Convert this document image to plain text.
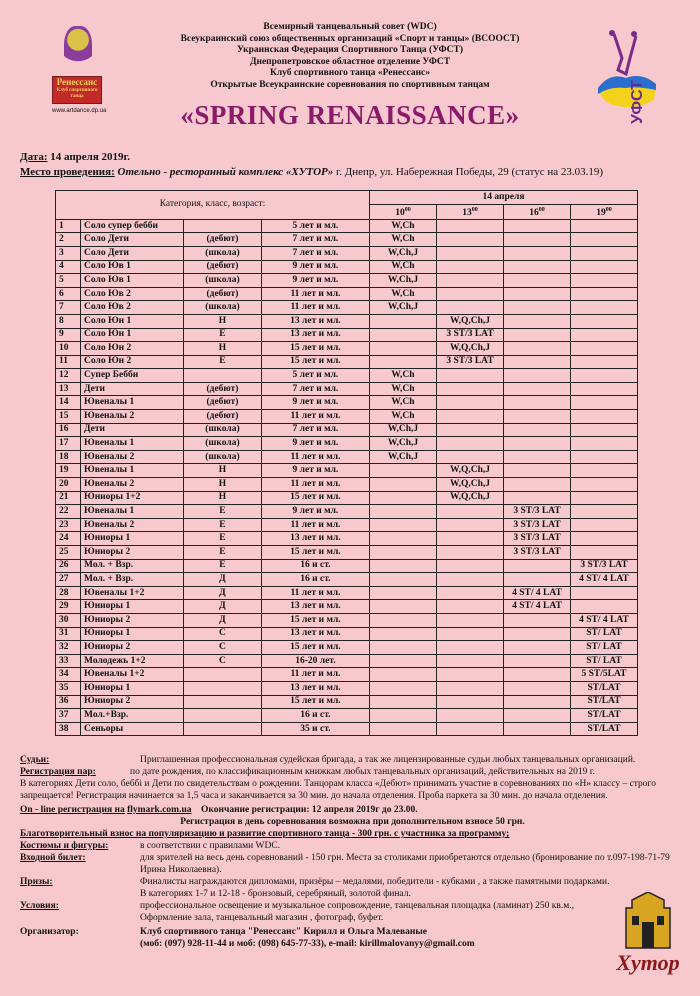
Ренессанс
Клуб спортивного танца
www.artdance.dp.ua
Всемирный танцевальный совет (WDC)
Всеукраинский союз общественных организаций «Спорт и танцы» (ВСООСТ)
Украинская Федерация Спортивного Танца (УФСТ)
Днепропетровское областное отделение УФСТ
Клуб спортивного танца «Ренессанс»
Открытые Всеукраинские соревнования по спортивным танцам
«SPRING RENAISSANCE»	УФСТ
Дата: 14 апреля 2019г.
Место проведения: Отельно - ресторанный комплекс «ХУТОР» г. Днепр, ул. Набережная Победы, 29 (статус на 23.03.19)
Категория, класс, возраст:				14 апреля			
				$10^{00}$	$13^{00}$	$16^{00}$	$19^{00}$
1	Соло супер бебби		5 лет и мл.	W,Ch			
2	Соло Дети	(дебют)	7 лет и мл.	W,Ch			
3	Соло Дети	(школа)	7 лет и мл.	W,Ch,J			
4	Соло Юв 1	(дебют)	9 лет и мл.	W,Ch			
5	Соло Юв 1	(школа)	9 лет и мл.	W,Ch,J			
6	Соло Юв 2	(дебют)	11 лет и мл.	W,Ch			
7	Соло Юв 2	(школа)	11 лет и мл.	W,Ch,J			
8	Соло Юн 1	Н	13 лет и мл.		W,Q,Ch,J		
9	Соло Юн 1	Е	13 лет и мл.		3 ST/3 LAT		
10	Соло Юн 2	Н	15 лет и мл.		W,Q,Ch,J		
11	Соло Юн 2	Е	15 лет и мл.		3 ST/3 LAT		
12	Супер Бебби		5 лет и мл.	W,Ch			
13	Дети	(дебют)	7 лет и мл.	W,Ch			
14	Ювеналы 1	(дебют)	9 лет и мл.	W,Ch			
15	Ювеналы 2	(дебют)	11 лет и мл.	W,Ch			
16	Дети	(школа)	7 лет и мл.	W,Ch,J			
17	Ювеналы 1	(школа)	9 лет и мл.	W,Ch,J			
18	Ювеналы 2	(школа)	11 лет и мл.	W,Ch,J			
19	Ювеналы 1	Н	9 лет и мл.		W,Q,Ch,J		
20	Ювеналы 2	Н	11 лет и мл.		W,Q,Ch,J		
21	Юниоры 1+2	Н	15 лет и мл.		W,Q,Ch,J		
22	Ювеналы 1	Е	9 лет и мл.			3 ST/3 LAT	
23	Ювеналы 2	Е	11 лет и мл.			3 ST/3 LAT	
24	Юниоры 1	Е	13 лет и мл.			3 ST/3 LAT	
25	Юниоры 2	Е	15 лет и мл.			3 ST/3 LAT	
26	Мол. + Взр.	Е	16 и ст.				3 ST/3 LAT
27	Мол. + Взр.	Д	16 и ст.				4 ST/ 4 LAT
28	Ювеналы 1+2	Д	11 лет и мл.			4 ST/ 4 LAT	
29	Юниоры 1	Д	13 лет и мл.			4 ST/ 4 LAT	
30	Юниоры 2	Д	15 лет и мл.				4 ST/ 4 LAT
31	Юниоры 1	С	13 лет и мл.				ST/ LAT
32	Юниоры 2	С	15 лет и мл.				ST/ LAT
33	Молодежь 1+2	С	16-20 лет.				ST/ LAT
34	Ювеналы 1+2		11 лет и мл.				5 ST/5LAT
35	Юниоры 1		13 лет и мл.				ST/LAT
36	Юниоры 2		15 лет и мл.				ST/LAT
37	Мол.+Взр.		16 и ст.				ST/LAT
38	Сеньоры		35 и ст.				ST/LAT
Судьи:	Приглашенная профессиональная судейская бригада, а так же лицензированные судьи любых танцевальных организаций.
Регистрация пар:	по дате рождения, по классификационным книжкам любых танцевальных организаций, действительных на 2019 г.
В категориях Дети соло, беббi и Дети по свидетельствам о рождении. Танцорам класса «Дебют» принимать участие в соревнованиях по «Н» классу – строго запрещается! Регистрация начинается за 1,5 часа и заканчивается за 30 мин. до начала отделения. Проба паркета за 30 мин. до начала отделения.
On - line регистрация на
flymark.com.ua
Окончание регистрации: 12 апреля 2019г до 23.00.
Регистрация в день соревнования возможна при дополнительном взносе 50 грн.
Благотворительный взнос на популяризацию и развитие спортивного танца - 300 грн. с участника за программу;
Костюмы и фигуры:	в соответствии с правилами WDC.
Входной билет:	для зрителей на весь день соревнований - 150 грн. Места за столиками приобретаются отдельно (бронирование по т.097-198-71-79 Ирина Николаевна).
Призы:	Финалисты награждаются дипломами, призёры – медалями, победители - кубками , а также памятными подарками. В категориях 1-7 и 12-18 - бронзовый, серебряный, золотой финал.
Условия:	профессиональное освещение и музыкальное сопровождение, танцевальная площадка (ламинат) 250 кв.м., Оформление зала, танцевальный магазин , фотограф, буфет.
Организатор:	Клуб спортивного танца "Ренессанс" Кирилл и Ольга Малеваные
(моб: (097) 928-11-44 и моб: (098) 645-77-33), e-mail: kirillmalovanyy@gmail.com
Хутор
